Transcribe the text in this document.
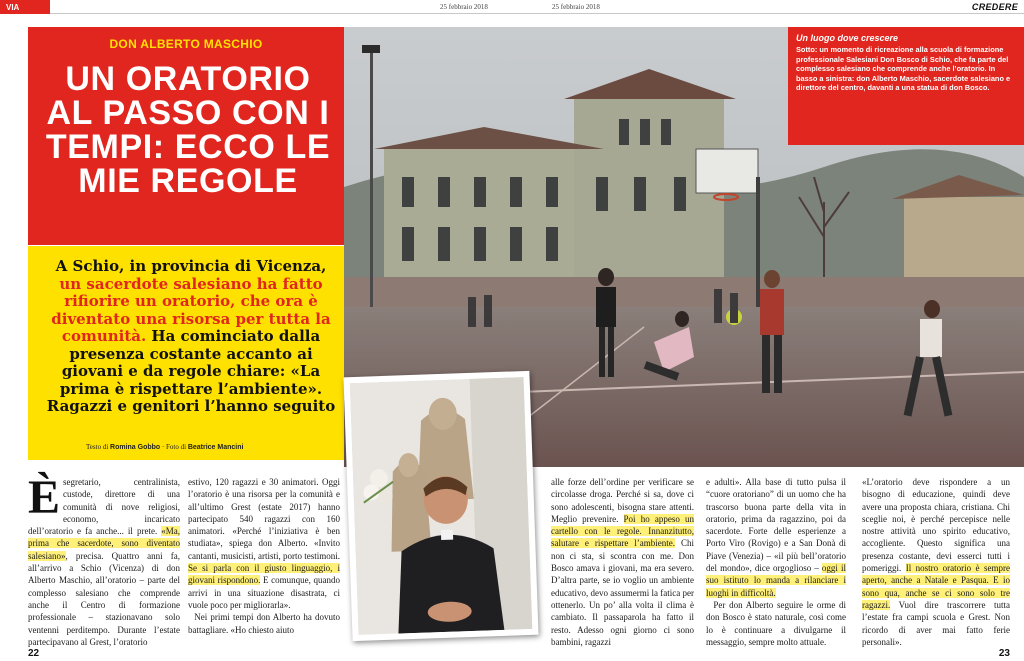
VIA	25 febbraio 2018	25 febbraio 2018	CREDERE
DON ALBERTO MASCHIO
UN ORATORIO AL PASSO CON I TEMPI: ECCO LE MIE REGOLE
A Schio, in provincia di Vicenza, un sacerdote salesiano ha fatto rifiorire un oratorio, che ora è diventato una risorsa per tutta la comunità. Ha cominciato dalla presenza costante accanto ai giovani e da regole chiare: «La prima è rispettare l’ambiente». Ragazzi e genitori l’hanno seguito
Testo di Romina Gobbo · Foto di Beatrice Mancini
Un luogo dove crescere
Sotto: un momento di ricreazione alla scuola di formazione professionale Salesiani Don Bosco di Schio, che fa parte del complesso salesiano che comprende anche l’oratorio. In basso a sinistra: don Alberto Maschio, sacerdote salesiano e direttore del centro, davanti a una statua di don Bosco.
Èsegretario, centralinista, custode, direttore di una comunità di nove religiosi, economo, incaricato dell’oratorio e fa anche... il prete. «Ma, prima che sacerdote, sono diventato salesiano», precisa. Quattro anni fa, all’arrivo a Schio (Vicenza) di don Alberto Maschio, all’oratorio – parte del complesso salesiano che comprende anche il Centro di formazione professionale – stazionavano solo ventenni perditempo. Durante l’estate partecipavano al Grest, l’oratorio
estivo, 120 ragazzi e 30 animatori. Oggi l’oratorio è una risorsa per la comunità e all’ultimo Grest (estate 2017) hanno partecipato 540 ragazzi con 160 animatori. «Perché l’iniziativa è ben studiata», spiega don Alberto. «Invito cantanti, musicisti, artisti, porto testimoni. Se si parla con il giusto linguaggio, i giovani rispondono. E comunque, quando arrivi in una situazione disastrata, ci vuole poco per migliorarla».
Nei primi tempi don Alberto ha dovuto battagliare. «Ho chiesto aiuto
alle forze dell’ordine per verificare se circolasse droga. Perché si sa, dove ci sono adolescenti, bisogna stare attenti. Meglio prevenire. Poi ho appeso un cartello con le regole. Innanzitutto, salutare e rispettare l’ambiente. Chi non ci sta, si scontra con me. Don Bosco amava i giovani, ma era severo. D’altra parte, se io voglio un ambiente educativo, devo assumermi la fatica per ottenerlo. Un po’ alla volta il clima è cambiato. Il passaparola ha fatto il resto. Adesso ogni giorno ci sono bambini, ragazzi
e adulti». Alla base di tutto pulsa il “cuore oratoriano” di un uomo che ha trascorso buona parte della vita in oratorio, prima da ragazzino, poi da sacerdote. Forte delle esperienze a Porto Viro (Rovigo) e a San Donà di Piave (Venezia) – «il più bell’oratorio del mondo», dice orgoglioso – oggi il suo istituto lo manda a rilanciare i luoghi in difficoltà.
Per don Alberto seguire le orme di don Bosco è stato naturale, così come lo è continuare a divulgarne il messaggio, sempre molto attuale.
«L’oratorio deve rispondere a un bisogno di educazione, quindi deve avere una proposta chiara, cristiana. Chi sceglie noi, è perché percepisce nelle nostre attività uno spirito educativo, accogliente. Questo significa una presenza costante, devi esserci tutti i pomeriggi. Il nostro oratorio è sempre aperto, anche a Natale e Pasqua. E io sono qua, anche se ci sono solo tre ragazzi. Vuol dire trascorrere tutta l’estate fra campi scuola e Grest. Non ricordo di aver mai fatto ferie personali».
22	23
